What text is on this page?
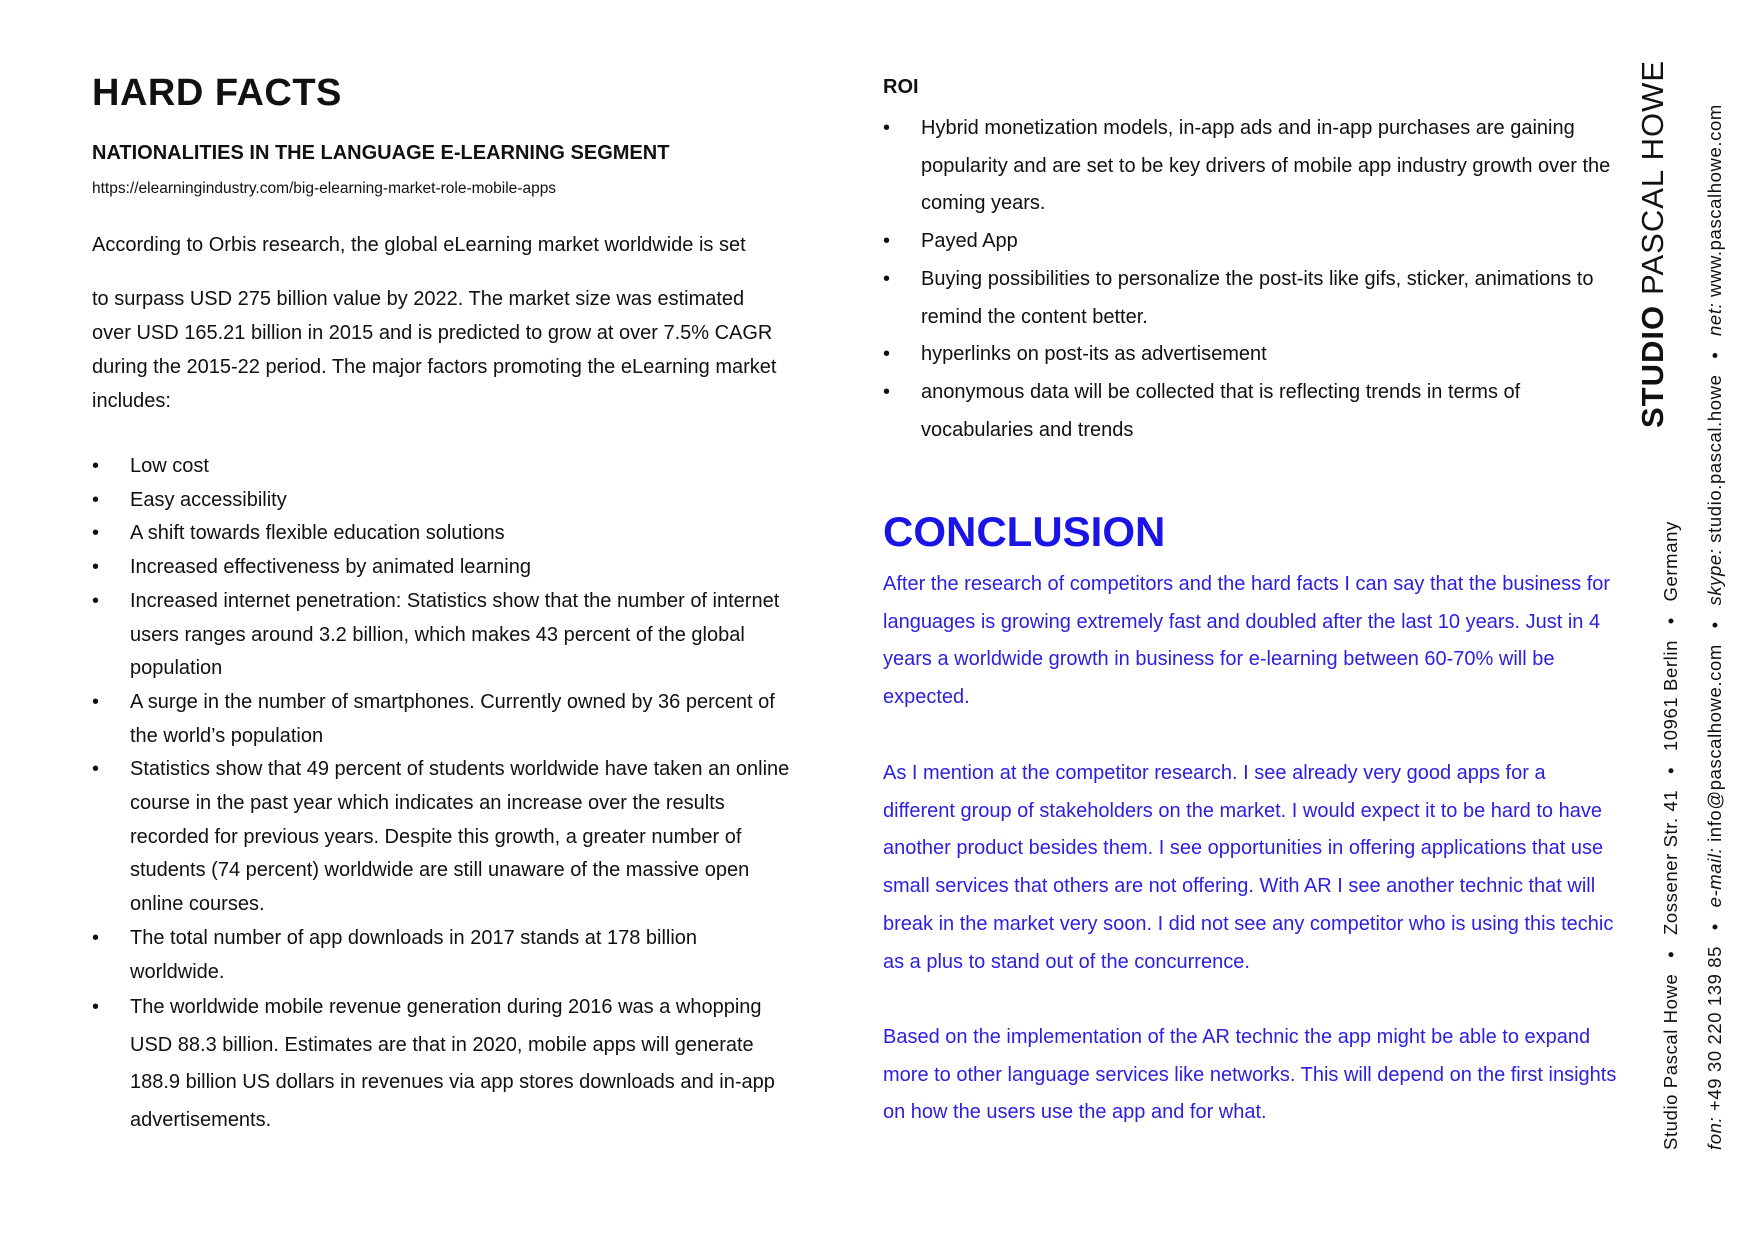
HARD FACTS
NATIONALITIES IN THE LANGUAGE E-LEARNING SEGMENT
https://elearningindustry.com/big-elearning-market-role-mobile-apps

According to Orbis research, the global eLearning market worldwide is set

to surpass USD 275 billion value by 2022. The market size was estimated over USD 165.21 billion in 2015 and is predicted to grow at over 7.5% CAGR during the 2015-22 period. The major factors promoting the eLearning market includes:

• Low cost
• Easy accessibility
• A shift towards flexible education solutions
• Increased effectiveness by animated learning
• Increased internet penetration: Statistics show that the number of internet users ranges around 3.2 billion, which makes 43 percent of the global population
• A surge in the number of smartphones. Currently owned by 36 percent of the world’s population
• Statistics show that 49 percent of students worldwide have taken an online course in the past year which indicates an increase over the results recorded for previous years. Despite this growth, a greater number of students (74 percent) worldwide are still unaware of the massive open online courses.
• The total number of app downloads in 2017 stands at 178 billion worldwide.
• The worldwide mobile revenue generation during 2016 was a whopping USD 88.3 billion. Estimates are that in 2020, mobile apps will generate 188.9 billion US dollars in revenues via app stores downloads and in-app advertisements.
ROI
• Hybrid monetization models, in-app ads and in-app purchases are gaining popularity and are set to be key drivers of mobile app industry growth over the coming years.
• Payed App
• Buying possibilities to personalize the post-its like gifs, sticker, animations to remind the content better.
• hyperlinks on post-its as advertisement
• anonymous data will be collected that is reflecting trends in terms of vocabularies and trends
CONCLUSION

After the research of competitors and the hard facts I can say that the business for languages is growing extremely fast and doubled after the last 10 years. Just in 4 years a worldwide growth in business for e-learning between 60-70% will be expected.

As I mention at the competitor research. I see already very good apps for a different group of stakeholders on the market. I would expect it to be hard to have another product besides them. I see opportunities in offering applications that use small services that others are not offering. With AR I see another technic that will break in the market very soon. I did not see any competitor who is using this techic as a plus to stand out of the concurrence.

Based on the implementation of the AR technic the app might be able to expand more to other language services like networks. This will depend on the first insights on how the users use the app and for what.

STUDIOPASCAL HOWE
Studio Pascal Howe • Zossener Str. 41 • 10961 Berlin • Germany
fon: +49 30 220 139 85 • e-mail: info@pascalhowe.com • skype: studio.pascal.howe • net: www.pascalhowe.com
